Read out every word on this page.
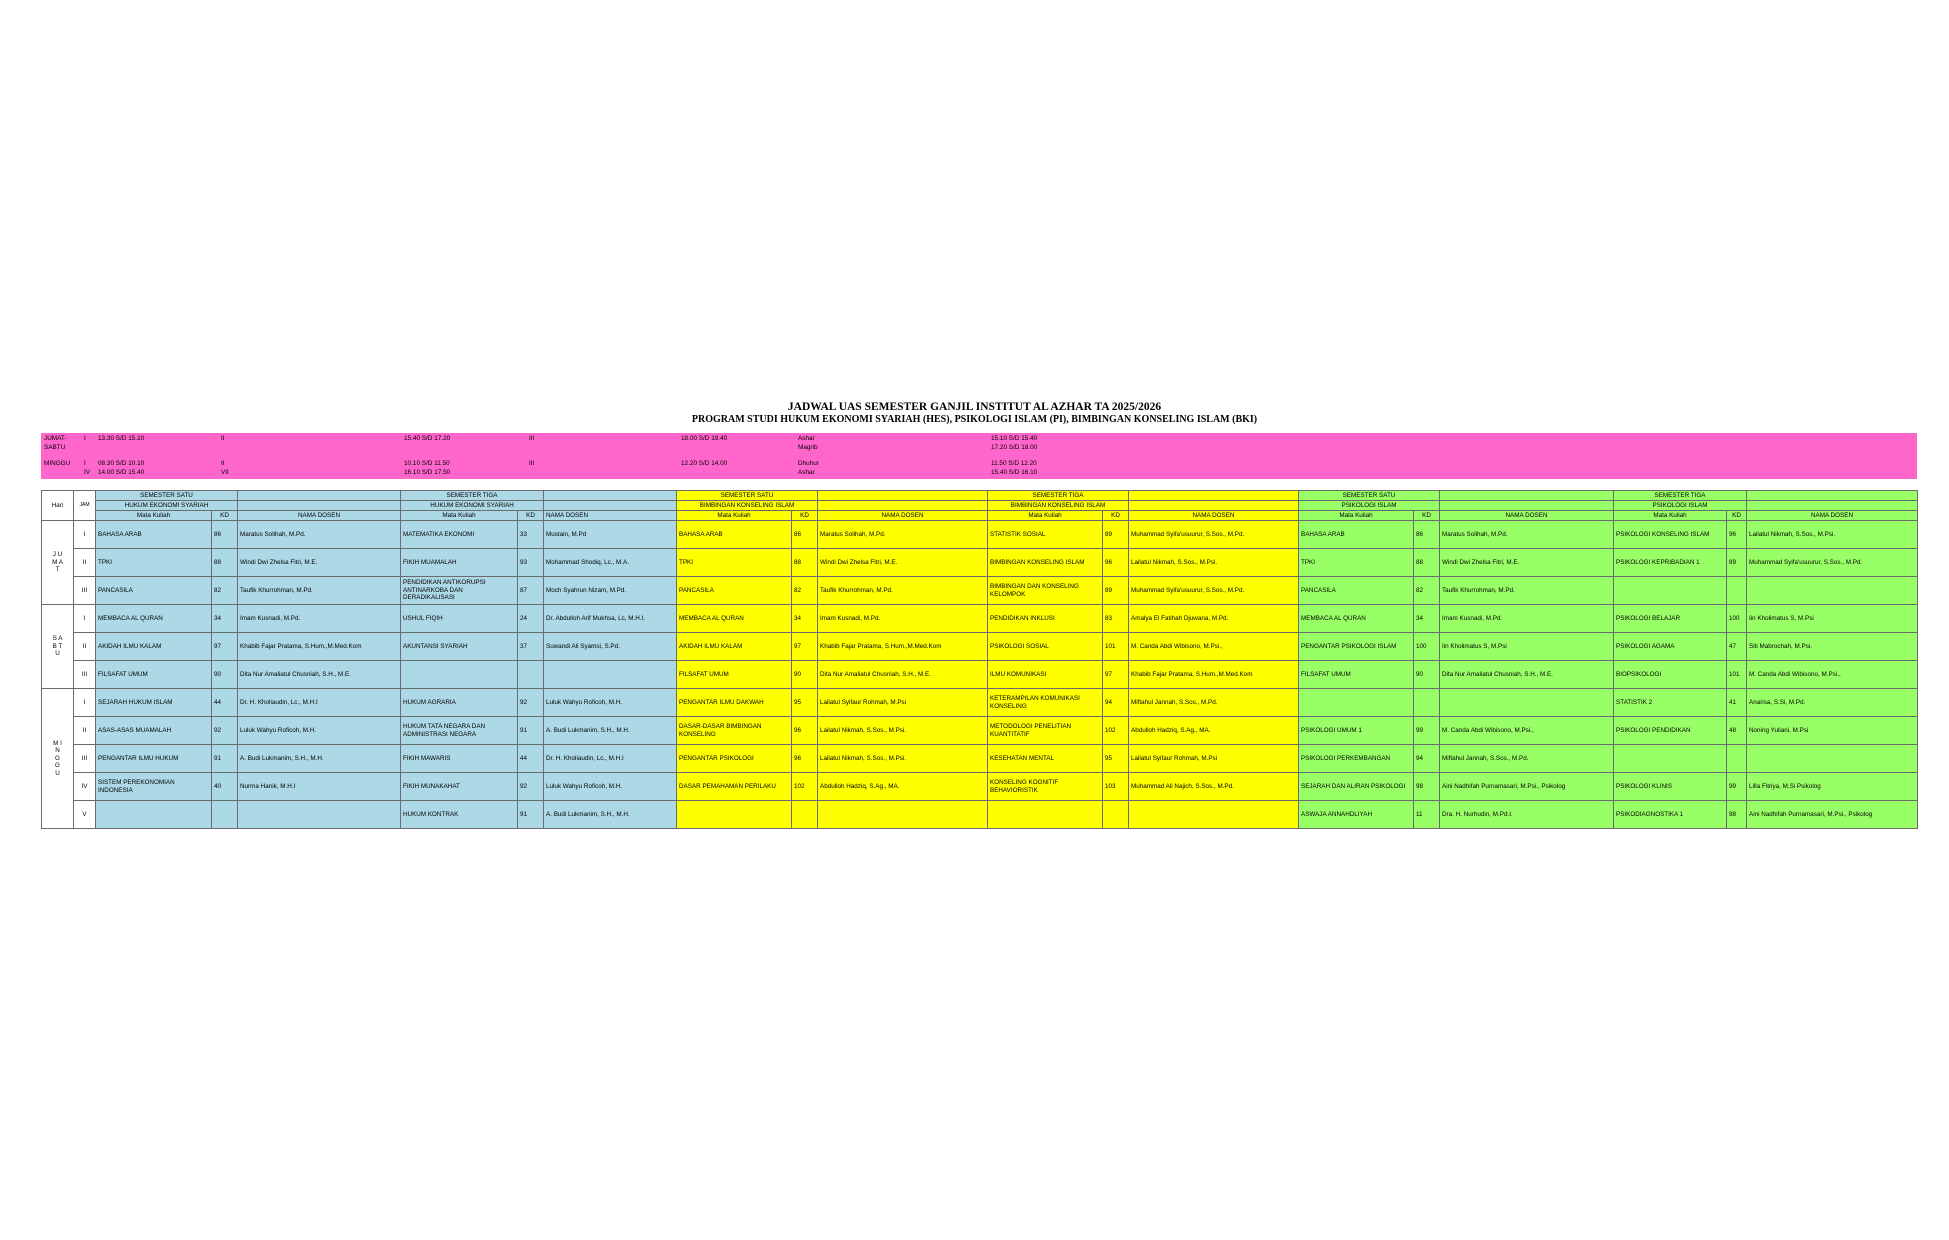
JADWAL UAS SEMESTER GANJIL INSTITUT AL AZHAR TA 2025/2026
PROGRAM STUDI HUKUM EKONOMI SYARIAH (HES), PSIKOLOGI ISLAM (PI), BIMBINGAN KONSELING ISLAM (BKI)
JUMAT-	I 13.30 S/D 15.10	II	15.40 S/D 17.20	III	18.00 S/D 19.40	Ashar	15.10 S/D 15.40
SABTU	Magrib	17.20 S/D 18.00
MINGGU I 08.30 S/D 10.10	II	10.10 S/D 11.50	III	12.20 S/D 14.00	Dhuhur	11.50 S/D 12.20
IV 14.00 S/D 15.40	VII	16.10 S/D 17.50	Ashar	15.40 S/D 16.10
Hari	JAM	SEMESTER SATU			SEMESTER TIGA			SEMESTER SATU			SEMESTER TIGA			SEMESTER SATU			SEMESTER TIGA		
		HUKUM EKONOMI SYARIAH			HUKUM EKONOMI SYARIAH			BIMBINGAN KONSELING ISLAM			BIMBINGAN KONSELING ISLAM			PSIKOLOGI ISLAM			PSIKOLOGI ISLAM		
		Mata Kuliah	KD	NAMA DOSEN	Mata Kuliah	KD	NAMA DOSEN	Mata Kuliah	KD	NAMA DOSEN	Mata Kuliah	KD	NAMA DOSEN	Mata Kuliah	KD	NAMA DOSEN	Mata Kuliah	KD	NAMA DOSEN
J U M A T	I	BAHASA ARAB	86	Maratus Solihah, M.Pd.	MATEMATIKA EKONOMI	33	Mustain, M.Pd	BAHASA ARAB	86	Maratus Solihah, M.Pd.	STATISTIK SOSIAL	89	Muhammad Syifa'usuurur, S.Sos., M.Pd.	BAHASA ARAB	86	Maratus Solihah, M.Pd.	PSIKOLOGI KONSELING ISLAM	96	Lailatul Nikmah, S.Sos., M.Psi.
	II	TPKI	88	Windi Dwi Zhelsa Fitri, M.E.	FIKIH MUAMALAH	93	Mohammad Shodiq, Lc., M.A.	TPKI	88	Windi Dwi Zhelsa Fitri, M.E.	BIMBINGAN KONSELING ISLAM	96	Lailatul Nikmah, S.Sos., M.Psi.	TPKI	88	Windi Dwi Zhelsa Fitri, M.E.	PSIKOLOGI KEPRIBADIAN 1	89	Muhammad Syifa'usuurur, S.Sos., M.Pd.
	III	PANCASILA	82	Taufik Khurrohman, M.Pd.	PENDIDIKAN ANTIKORUPSI ANTINARKOBA DAN DERADIKALISASI	87	Moch Syahrun Nizam, M.Pd.	PANCASILA	82	Taufik Khurrohman, M.Pd.	BIMBINGAN DAN KONSELING KELOMPOK	89	Muhammad Syifa'usuurur, S.Sos., M.Pd.	PANCASILA	82	Taufik Khurrohman, M.Pd.			
S A B T U	I	MEMBACA AL QURAN	34	Imam Kusnadi, M.Pd.	USHUL FIQIH	24	Dr. Abdulloh Arif Mukhsa, Lc, M.H.I.	MEMBACA AL QURAN	34	Imam Kusnadi, M.Pd.	PENDIDIKAN INKLUSI	83	Amalya El Fatihah Djuwana, M.Pd.	MEMBACA AL QURAN	34	Imam Kusnadi, M.Pd.	PSIKOLOGI BELAJAR	100	Iin Kholimatus S, M.Psi
	II	AKIDAH ILMU KALAM	97	Khabib Fajar Pratama, S.Hum.,M.Med.Kom	AKUNTANSI SYARIAH	37	Suwandi Ali Syamsi, S.Pd.	AKIDAH ILMU KALAM	97	Khabib Fajar Pratama, S.Hum.,M.Med.Kom	PSIKOLOGI SOSIAL	101	M. Canda Abdi Wibisono, M.Psi.,	PENGANTAR PSIKOLOGI ISLAM	100	Iin Kholimatus S, M.Psi	PSIKOLOGI AGAMA	47	Siti Mabrochah, M.Psi.
	III	FILSAFAT UMUM	90	Dita Nur Amaliatul Chusniah, S.H., M.E.				FILSAFAT UMUM	90	Dita Nur Amaliatul Chusniah, S.H., M.E.	ILMU KOMUNIKASI	97	Khabib Fajar Pratama, S.Hum.,M.Med.Kom	FILSAFAT UMUM	90	Dita Nur Amaliatul Chusniah, S.H., M.E.	BIOPSIKOLOGI	101	M. Canda Abdi Wibisono, M.Psi.,
M I N G G U	I	SEJARAH HUKUM ISLAM	44	Dr. H. Kholiaudin, Lc., M.H.I	HUKUM AGRARIA	92	Luluk Wahyu Roficoh, M.H.	PENGANTAR ILMU DAKWAH	95	Lailatul Syifaur Rohmah, M.Psi	KETERAMPILAN KOMUNIKASI KONSELING	94	Miftahul Jannah, S.Sos., M.Pd.				STATISTIK 2	41	Anarisa, S.Si, M.Pd.
	II	ASAS-ASAS MUAMALAH	92	Luluk Wahyu Roficoh, M.H.	HUKUM TATA NEGARA DAN ADMINISTRASI NEGARA	91	A. Budi Lukmanim, S.H., M.H.	DASAR-DASAR BIMBINGAN KONSELING	96	Lailatul Nikmah, S.Sos., M.Psi.	METODOLOGI PENELITIAN KUANTITATIF	102	Abdulloh Hadziq, S.Ag., MA.	PSIKOLOGI UMUM 1	99	M. Canda Abdi Wibisono, M.Psi.,	PSIKOLOGI PENDIDIKAN	48	Noning Yuliani, M.Psi
	III	PENGANTAR ILMU HUKUM	91	A. Budi Lukmanim, S.H., M.H.	FIKIH MAWARIS	44	Dr. H. Kholiaudin, Lc., M.H.I	PENGANTAR PSIKOLOGI	96	Lailatul Nikmah, S.Sos., M.Psi.	KESEHATAN MENTAL	95	Lailatul Syifaur Rohmah, M.Psi	PSIKOLOGI PERKEMBANGAN	94	Miftahul Jannah, S.Sos., M.Pd.			
	IV	SISTEM PEREKONOMIAN INDONESIA	40	Nurma Hanik, M.H.I	FIKIH MUNAKAHAT	92	Luluk Wahyu Roficoh, M.H.	DASAR PEMAHAMAN PERILAKU	102	Abdulloh Hadziq, S.Ag., MA.	KONSELING KOGNITIF BEHAVIORISTIK	103	Muhammad Ali Najich, S.Sos., M.Pd.	SEJARAH DAN ALIRAN PSIKOLOGI	98	Aini Nadhifah Purnamasari, M.Psi., Psikolog	PSIKOLOGI KLINIS	99	Lilla Fitriya, M.Si Psikolog
	V				HUKUM KONTRAK	91	A. Budi Lukmanim, S.H., M.H.							ASWAJA ANNAHDLIYAH	11	Dra. H. Nurhudin, M.Pd.I.	PSIKODIAGNOSTIKA 1	98	Aini Nadhifah Purnamasari, M.Psi., Psikolog
